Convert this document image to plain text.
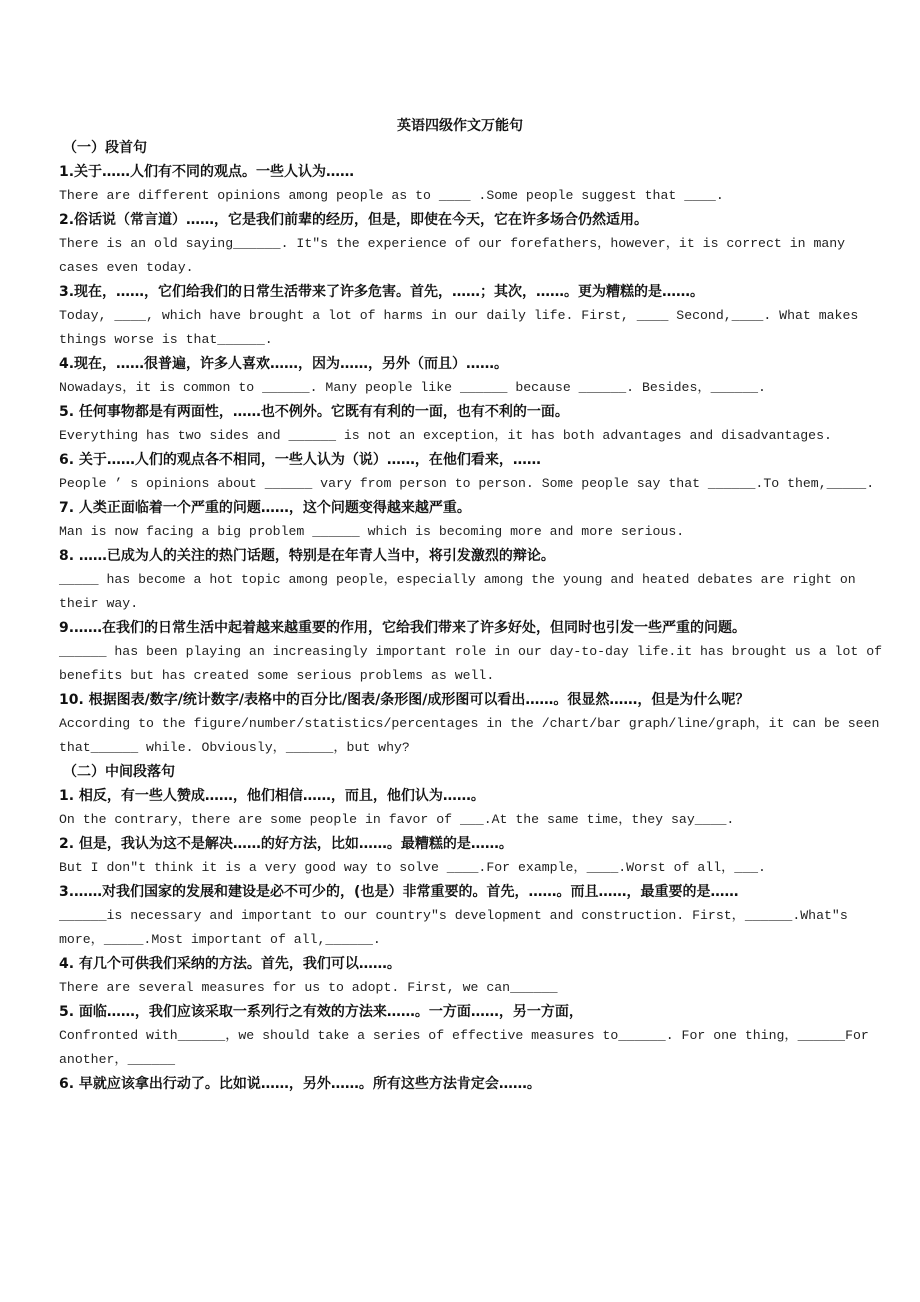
英语四级作文万能句
（一）段首句
1.关于……人们有不同的观点。一些人认为……
There are different opinions among people as to ____ .Some people suggest that ____.
2.俗话说（常言道）……，它是我们前辈的经历，但是，即使在今天，它在许多场合仍然适用。
There is an old saying______. It″s the experience of our forefathers，however，it is correct in many cases even today.
3.现在，……，它们给我们的日常生活带来了许多危害。首先，……；其次，……。更为糟糕的是……。
Today, ____, which have brought a lot of harms in our daily life. First, ____ Second,____. What makes things worse is that______.
4.现在，……很普遍，许多人喜欢……，因为……，另外（而且）……。
Nowadays，it is common to ______. Many people like ______ because ______. Besides，______.
5. 任何事物都是有两面性，……也不例外。它既有有利的一面，也有不利的一面。
Everything has two sides and ______ is not an exception，it has both advantages and disadvantages.
6. 关于……人们的观点各不相同，一些人认为（说）……，在他们看来，……
People ’ s opinions about ______ vary from person to person. Some people say that ______.To them,_____.
7. 人类正面临着一个严重的问题……，这个问题变得越来越严重。
Man is now facing a big problem ______ which is becoming more and more serious.
8. ……已成为人的关注的热门话题，特别是在年青人当中，将引发激烈的辩论。
_____ has become a hot topic among people，especially among the young and heated debates are right on their way.
9.……在我们的日常生活中起着越来越重要的作用，它给我们带来了许多好处，但同时也引发一些严重的问题。
______ has been playing an increasingly important role in our day-to-day life.it has brought us a lot of benefits but has created some serious problems as well.
10. 根据图表/数字/统计数字/表格中的百分比/图表/条形图/成形图可以看出……。很显然……，但是为什么呢？
According to the figure/number/statistics/percentages in the /chart/bar graph/line/graph，it can be seen that______ while. Obviously，______，but why?
（二）中间段落句
1. 相反，有一些人赞成……，他们相信……，而且，他们认为……。
On the contrary，there are some people in favor of ___.At the same time，they say____.
2. 但是，我认为这不是解决……的好方法，比如……。最糟糕的是……。
But I don″t think it is a very good way to solve ____.For example，____.Worst of all，___.
3.……对我们国家的发展和建设是必不可少的，(也是）非常重要的。首先，……。而且……，最重要的是……
______is necessary and important to our country″s development and construction. First，______.What″s more，_____.Most important of all,______.
4. 有几个可供我们采纳的方法。首先，我们可以……。
There are several measures for us to adopt. First, we can______
5. 面临……，我们应该采取一系列行之有效的方法来……。一方面……，另一方面，
Confronted with______，we should take a series of effective measures to______. For one thing，______For another，______
6. 早就应该拿出行动了。比如说……，另外……。所有这些方法肯定会……。
